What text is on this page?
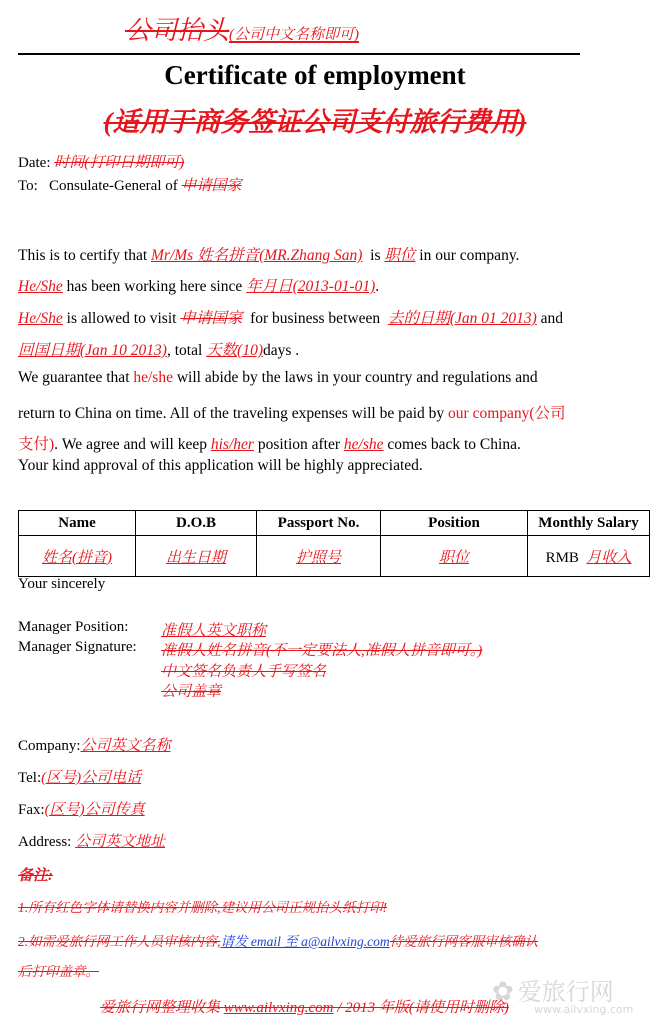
公司抬头(公司中文名称即可)
Certificate of employment
(适用于商务签证公司支付旅行费用)
Date: 时间(打印日期即可)
To: Consulate-General of 申请国家
This is to certify that Mr/Ms 姓名拼音(MR.Zhang San) is 职位 in our company.
He/She has been working here since 年月日(2013-01-01).
He/She is allowed to visit 申请国家 for business between 去的日期(Jan 01 2013) and
回国日期(Jan 10 2013), total 天数(10)days .
We guarantee that he/she will abide by the laws in your country and regulations and
return to China on time. All of the traveling expenses will be paid by our company(公司
支付). We agree and will keep his/her position after he/she comes back to China.
Your kind approval of this application will be highly appreciated.
Name	D.O.B	Passport No.	Position	Monthly Salary
姓名(拼音)	出生日期	护照号	职位	RMB 月收入
Your sincerely
Manager Position: 准假人英文职称
Manager Signature: 准假人姓名拼音(不一定要法人,准假人拼音即可。)
中文签名负责人手写签名
公司盖章
Company:公司英文名称
Tel:(区号)公司电话
Fax:(区号)公司传真
Address: 公司英文地址
备注:
1.所有红色字体请替换内容并删除,建议用公司正规抬头纸打印!
2.如需爱旅行网工作人员审核内容,请发 email 至 a@ailvxing.com待爱旅行网客服审核确认
后打印盖章。
✿ 爱旅行网
www.ailvxing.com
爱旅行网整理收集 www.ailvxing.com / 2013 年版(请使用时删除)
